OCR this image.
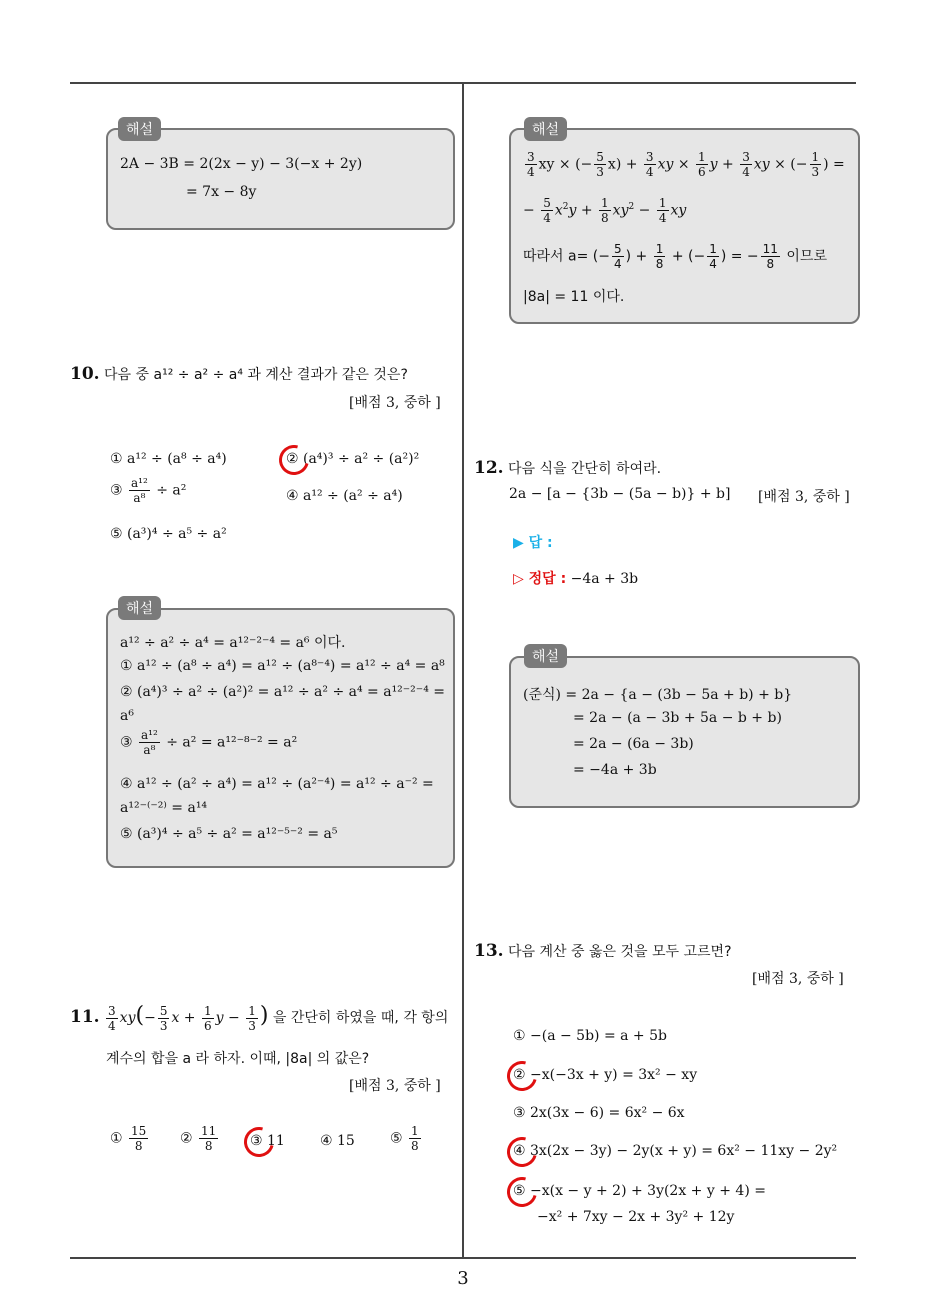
3
2A − 3B = 2(2x − y) − 3(−x + 2y)
= 7x − 8y
해설
10. 다음 중 a¹² ÷ a² ÷ a⁴ 과 계산 결과가 같은 것은?
[배점 3, 중하 ]
① a¹² ÷ (a⁸ ÷ a⁴)	② (a⁴)³ ÷ a² ÷ (a²)²
③ $\frac{\text{a¹²}}{\text{a⁸}} \div a^2$	④ a¹² ÷ (a² ÷ a⁴)
⑤ (a³)⁴ ÷ a⁵ ÷ a²
a¹² ÷ a² ÷ a⁴ = a¹²⁻²⁻⁴ = a⁶ 이다.
① a¹² ÷ (a⁸ ÷ a⁴) = a¹² ÷ (a⁸⁻⁴) = a¹² ÷ a⁴ = a⁸
② (a⁴)³ ÷ a² ÷ (a²)² = a¹² ÷ a² ÷ a⁴ = a¹²⁻²⁻⁴ =
a⁶
③ $\frac{\text{a¹²}}{\text{a⁸}} \div a^2 = a^{12-8-2} = a^2$
④ a¹² ÷ (a² ÷ a⁴) = a¹² ÷ (a²⁻⁴) = a¹² ÷ a⁻² =
a¹²⁻⁽⁻²⁾ = a¹⁴
⑤ (a³)⁴ ÷ a⁵ ÷ a² = a¹²⁻⁵⁻² = a⁵
해설
11. $\frac{3}{4} xy(- \frac{5}{3}$ $x + \frac{1}{6}$ $y - \frac{1}{3}$ ) 을 간단히 하였을 때, 각 항의
계수의 합을 a 라 하자. 이때, |8a| 의 값은?
[배점 3, 중하 ]
① $\frac{15}{8}$ ② $\frac{11}{8}$ ③ 11	④ 15	⑤ $\frac{1}{8}$
$\frac{3}{4}$ xy × (− $\frac{5}{3} x) + \frac{3}{4}$ xy × $\frac{1}{6}$ $y + \frac{3}{4}$ xy × (− $\frac{1}{3}$ ) =
− $\frac{5}{4} x^2y + \frac{1}{8} xy^2 - \frac{1}{4}$ xy
따라서 a= (− $\frac{5}{4}$ ) + $\frac{1}{8}$ + (− $\frac{1}{4}$ ) = − $\frac{11}{8}$ 이므로
|8a| = 11 이다.
해설
12. 다음 식을 간단히 하여라.
2a − [a − {3b − (5a − b)} + b] [배점 3, 중하 ]
▶ 답 :
▷ 정답 : −4a + 3b
(준식) = 2a − {a − (3b − 5a + b) + b}
= 2a − (a − 3b + 5a − b + b)
= 2a − (6a − 3b)
= −4a + 3b
해설
13. 다음 계산 중 옳은 것을 모두 고르면?
[배점 3, 중하 ]
① −(a − 5b) = a + 5b
② −x(−3x + y) = 3x² − xy
③ 2x(3x − 6) = 6x² − 6x
④ 3x(2x − 3y) − 2y(x + y) = 6x² − 11xy − 2y²
⑤ −x(x − y + 2) + 3y(2x + y + 4) =
−x² + 7xy − 2x + 3y² + 12y
